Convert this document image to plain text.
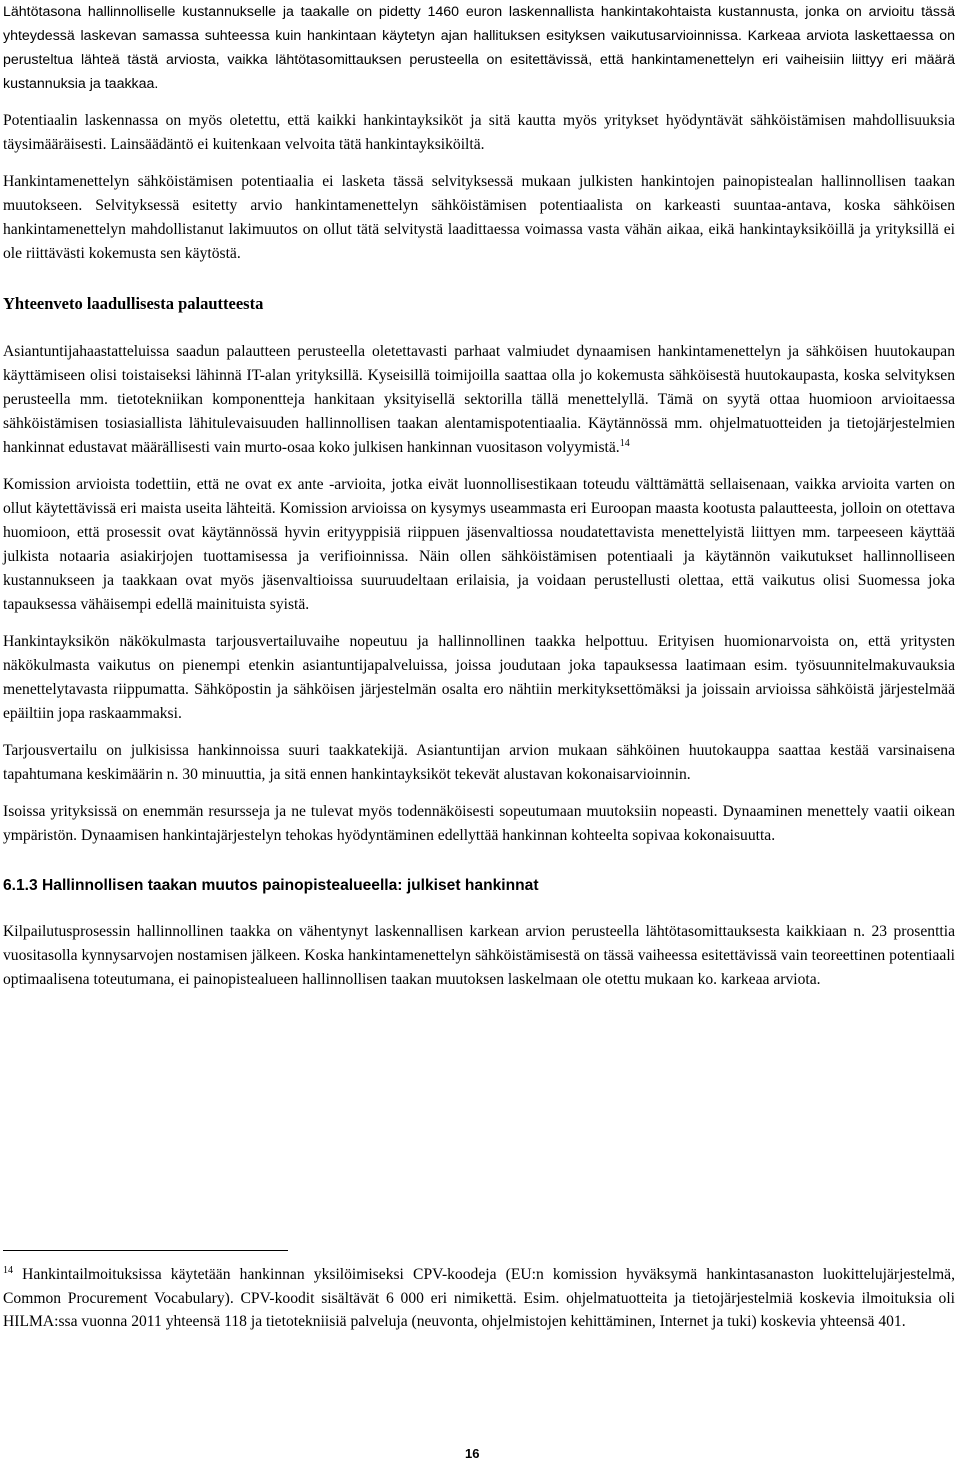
Lähtötasona hallinnolliselle kustannukselle ja taakalle on pidetty 1460 euron laskennallista hankintakohtaista kustannusta, jonka on arvioitu tässä yhteydessä laskevan samassa suhteessa kuin hankintaan käytetyn ajan hallituksen esityksen vaikutusarvioinnissa. Karkeaa arviota laskettaessa on perusteltua lähteä tästä arviosta, vaikka lähtötasomittauksen perusteella on esitettävissä, että hankintamenettelyn eri vaiheisiin liittyy eri määrä kustannuksia ja taakkaa.

Potentiaalin laskennassa on myös oletettu, että kaikki hankintayksiköt ja sitä kautta myös yritykset hyödyntävät sähköistämisen mahdollisuuksia täysimääräisesti. Lainsäädäntö ei kuitenkaan velvoita tätä hankintayksiköiltä.

Hankintamenettelyn sähköistämisen potentiaalia ei lasketa tässä selvityksessä mukaan julkisten hankintojen painopistealan hallinnollisen taakan muutokseen. Selvityksessä esitetty arvio hankintamenettelyn sähköistämisen potentiaalista on karkeasti suuntaa-antava, koska sähköisen hankintamenettelyn mahdollistanut lakimuutos on ollut tätä selvitystä laadittaessa voimassa vasta vähän aikaa, eikä hankintayksiköillä ja yrityksillä ei ole riittävästi kokemusta sen käytöstä.

Yhteenveto laadullisesta palautteesta

Asiantuntijahaastatteluissa saadun palautteen perusteella oletettavasti parhaat valmiudet dynaamisen hankintamenettelyn ja sähköisen huutokaupan käyttämiseen olisi toistaiseksi lähinnä IT-alan yrityksillä. Kyseisillä toimijoilla saattaa olla jo kokemusta sähköisestä huutokaupasta, koska selvityksen perusteella mm. tietotekniikan komponentteja hankitaan yksityisellä sektorilla tällä menettelyllä. Tämä on syytä ottaa huomioon arvioitaessa sähköistämisen tosiasiallista lähitulevaisuuden hallinnollisen taakan alentamispotentiaalia. Käytännössä mm. ohjelmatuotteiden ja tietojärjestelmien hankinnat edustavat määrällisesti vain murto-osaa koko julkisen hankinnan vuositason volyymistä.$^{14}$

Komission arvioista todettiin, että ne ovat ex ante -arvioita, jotka eivät luonnollisestikaan toteudu välttämättä sellaisenaan, vaikka arvioita varten on ollut käytettävissä eri maista useita lähteitä. Komission arvioissa on kysymys useammasta eri Euroopan maasta kootusta palautteesta, jolloin on otettava huomioon, että prosessit ovat käytännössä hyvin erityyppisiä riippuen jäsenvaltiossa noudatettavista menettelyistä liittyen mm. tarpeeseen käyttää julkista notaaria asiakirjojen tuottamisessa ja verifioinnissa. Näin ollen sähköistämisen potentiaali ja käytännön vaikutukset hallinnolliseen kustannukseen ja taakkaan ovat myös jäsenvaltioissa suuruudeltaan erilaisia, ja voidaan perustellusti olettaa, että vaikutus olisi Suomessa joka tapauksessa vähäisempi edellä mainituista syistä.

Hankintayksikön näkökulmasta tarjousvertailuvaihe nopeutuu ja hallinnollinen taakka helpottuu. Erityisen huomionarvoista on, että yritysten näkökulmasta vaikutus on pienempi etenkin asiantuntijapalveluissa, joissa joudutaan joka tapauksessa laatimaan esim. työsuunnitelmakuvauksia menettelytavasta riippumatta. Sähköpostin ja sähköisen järjestelmän osalta ero nähtiin merkityksettömäksi ja joissain arvioissa sähköistä järjestelmää epäiltiin jopa raskaammaksi.

Tarjousvertailu on julkisissa hankinnoissa suuri taakkatekijä. Asiantuntijan arvion mukaan sähköinen huutokauppa saattaa kestää varsinaisena tapahtumana keskimäärin n. 30 minuuttia, ja sitä ennen hankintayksiköt tekevät alustavan kokonaisarvioinnin.

Isoissa yrityksissä on enemmän resursseja ja ne tulevat myös todennäköisesti sopeutumaan muutoksiin nopeasti. Dynaaminen menettely vaatii oikean ympäristön. Dynaamisen hankintajärjestelyn tehokas hyödyntäminen edellyttää hankinnan kohteelta sopivaa kokonaisuutta.

6.1.3 Hallinnollisen taakan muutos painopistealueella: julkiset hankinnat

Kilpailutusprosessin hallinnollinen taakka on vähentynyt laskennallisen karkean arvion perusteella lähtötasomittauksesta kaikkiaan n. 23 prosenttia vuositasolla kynnysarvojen nostamisen jälkeen. Koska hankintamenettelyn sähköistämisestä on tässä vaiheessa esitettävissä vain teoreettinen potentiaali optimaalisena toteutumana, ei painopistealueen hallinnollisen taakan muutoksen laskelmaan ole otettu mukaan ko. karkeaa arviota.

$^{14}$ Hankintailmoituksissa käytetään hankinnan yksilöimiseksi CPV-koodeja (EU:n komission hyväksymä hankintasanaston luokittelujärjestelmä, Common Procurement Vocabulary). CPV-koodit sisältävät 6 000 eri nimikettä. Esim. ohjelmatuotteita ja tietojärjestelmiä koskevia ilmoituksia oli HILMA:ssa vuonna 2011 yhteensä 118 ja tietotekniisiä palveluja (neuvonta, ohjelmistojen kehittäminen, Internet ja tuki) koskevia yhteensä 401.

16
